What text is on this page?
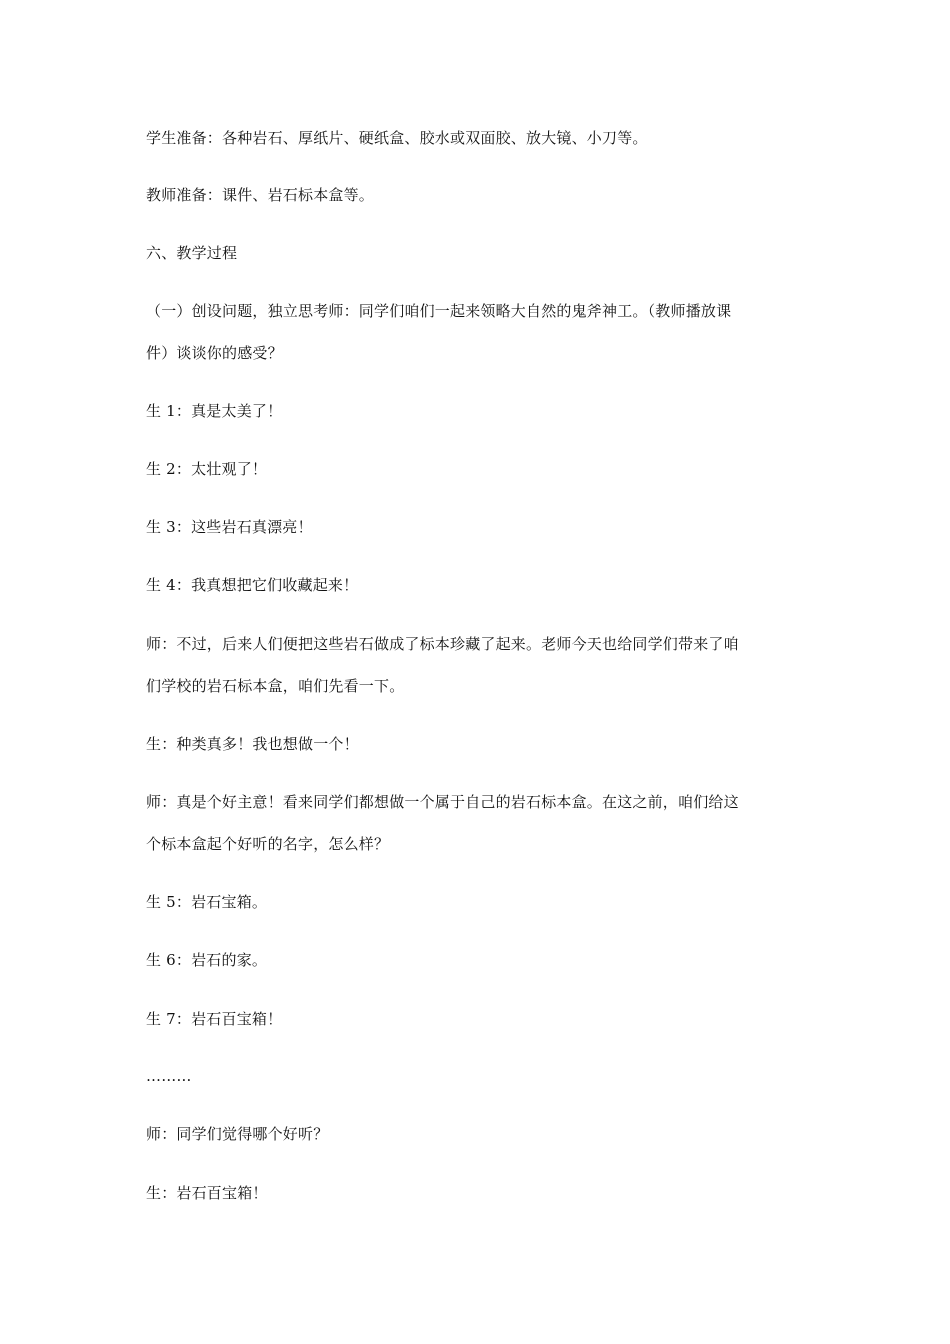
学生准备：各种岩石、厚纸片、硬纸盒、胶水或双面胶、放大镜、小刀等。
教师准备：课件、岩石标本盒等。
六、教学过程
（一）创设问题，独立思考师：同学们咱们一起来领略大自然的鬼斧神工。（教师播放课
件）谈谈你的感受？
生 1：真是太美了！
生 2：太壮观了！
生 3：这些岩石真漂亮！
生 4：我真想把它们收藏起来！
师：不过，后来人们便把这些岩石做成了标本珍藏了起来。老师今天也给同学们带来了咱
们学校的岩石标本盒，咱们先看一下。
生：种类真多！我也想做一个！
师：真是个好主意！看来同学们都想做一个属于自己的岩石标本盒。在这之前，咱们给这
个标本盒起个好听的名字，怎么样？
生 5：岩石宝箱。
生 6：岩石的家。
生 7：岩石百宝箱！
………
师：同学们觉得哪个好听？
生：岩石百宝箱！
